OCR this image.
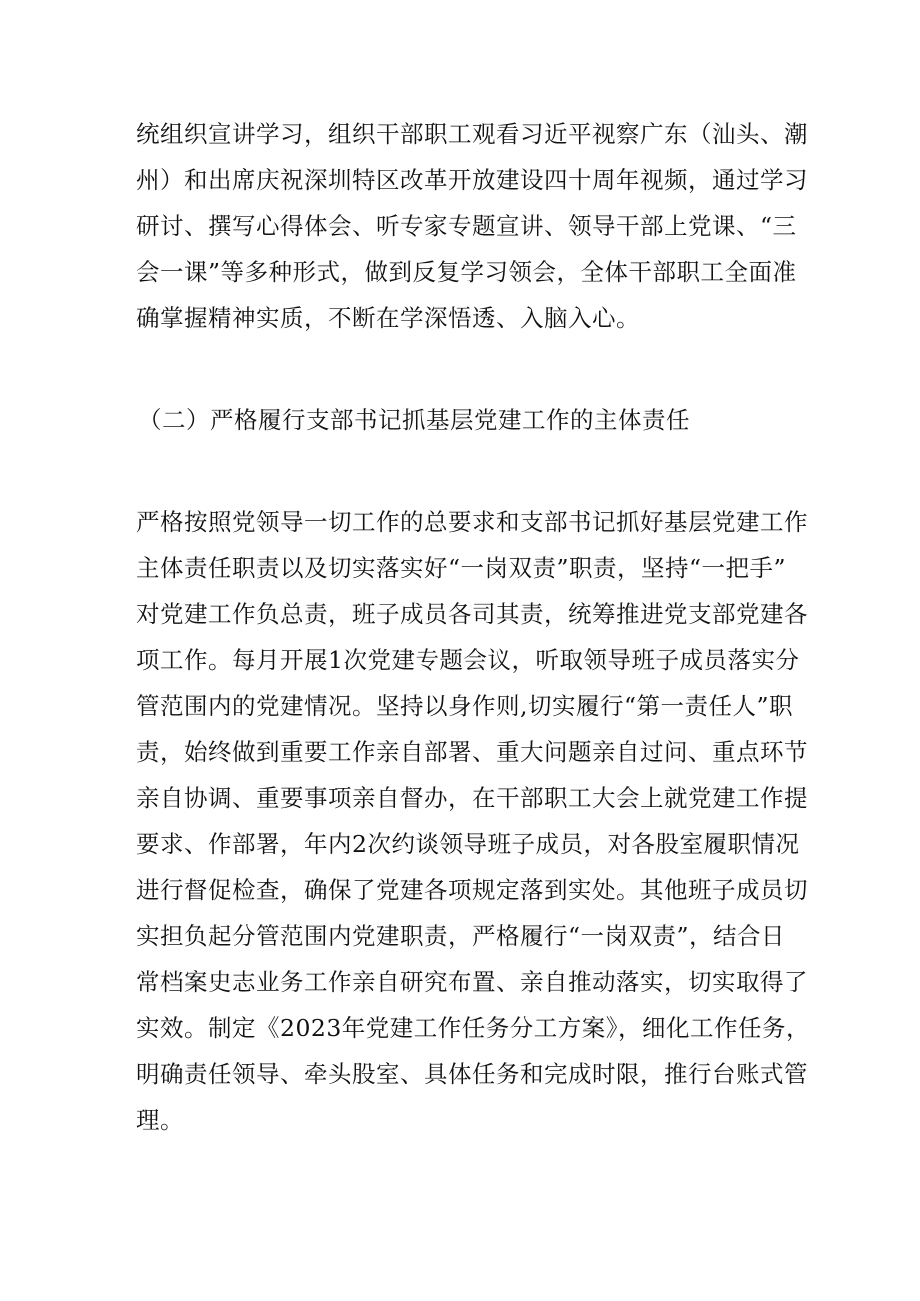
统组织宣讲学习，组织干部职工观看习近平视察广东（汕头、潮
州）和出席庆祝深圳特区改革开放建设四十周年视频，通过学习
研讨、撰写心得体会、听专家专题宣讲、领导干部上党课、“三
会一课”等多种形式，做到反复学习领会，全体干部职工全面准
确掌握精神实质，不断在学深悟透、入脑入心。
（二）严格履行支部书记抓基层党建工作的主体责任
严格按照党领导一切工作的总要求和支部书记抓好基层党建工作
主体责任职责以及切实落实好“一岗双责”职责，坚持“一把手”
对党建工作负总责，班子成员各司其责，统筹推进党支部党建各
项工作。每月开展1次党建专题会议，听取领导班子成员落实分
管范围内的党建情况。坚持以身作则,切实履行“第一责任人”职
责，始终做到重要工作亲自部署、重大问题亲自过问、重点环节
亲自协调、重要事项亲自督办，在干部职工大会上就党建工作提
要求、作部署，年内2次约谈领导班子成员，对各股室履职情况
进行督促检查，确保了党建各项规定落到实处。其他班子成员切
实担负起分管范围内党建职责，严格履行“一岗双责”，结合日
常档案史志业务工作亲自研究布置、亲自推动落实，切实取得了
实效。制定《2023年党建工作任务分工方案》，细化工作任务，
明确责任领导、牵头股室、具体任务和完成时限，推行台账式管
理。
